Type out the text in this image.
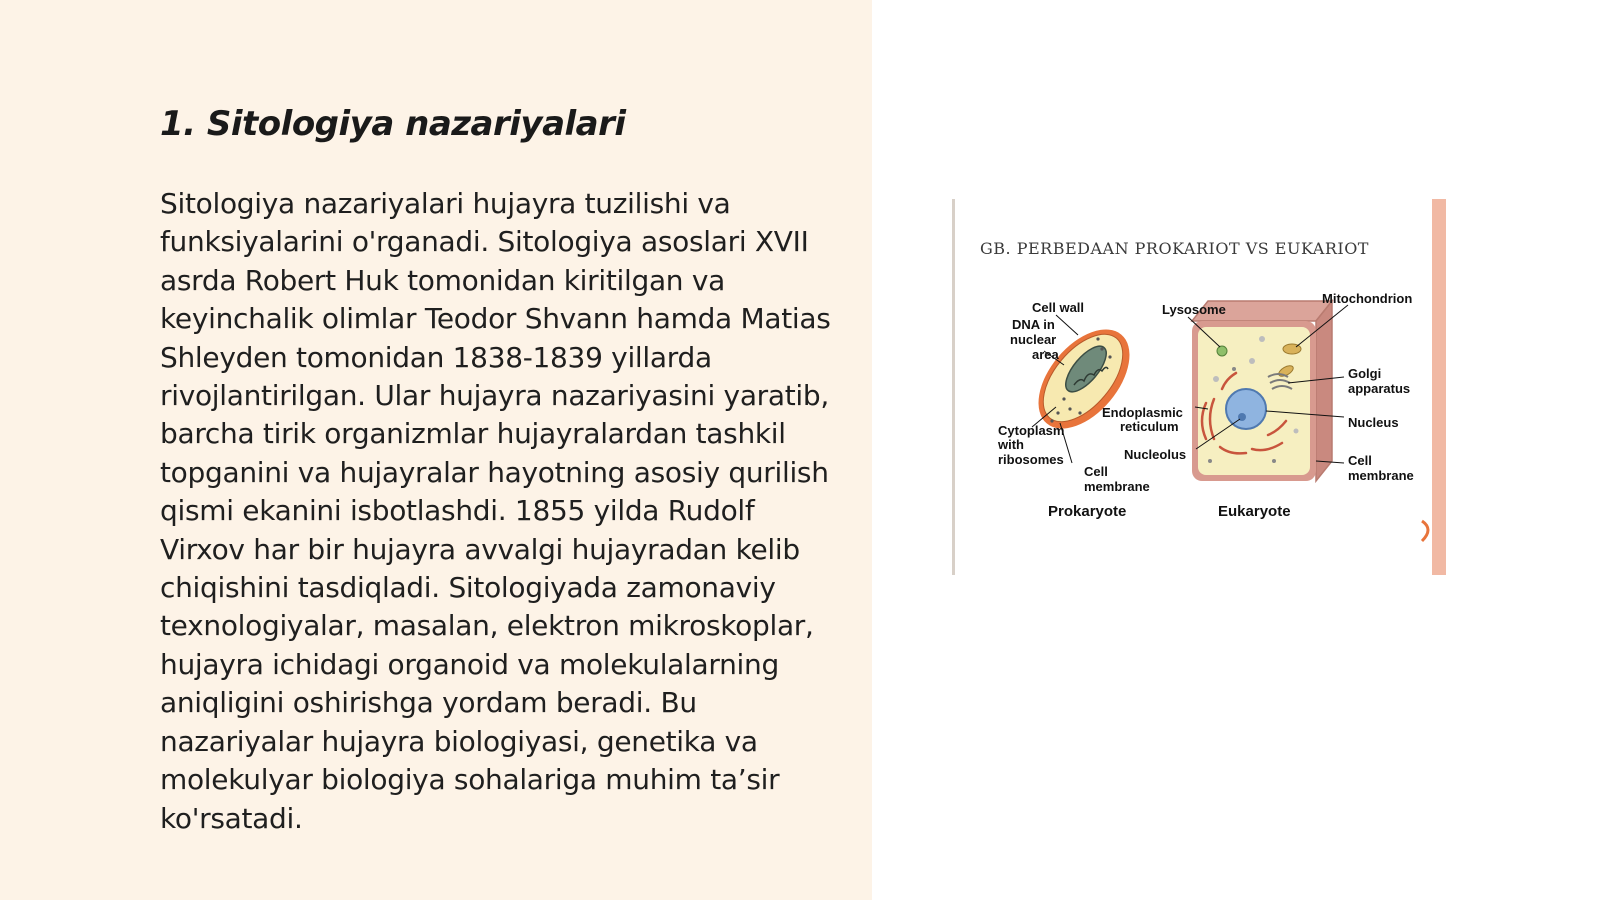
1. Sitologiya nazariyalari

Sitologiya nazariyalari hujayra tuzilishi va funksiyalarini o'rganadi. Sitologiya asoslari XVII asrda Robert Huk tomonidan kiritilgan va keyinchalik olimlar Teodor Shvann hamda Matias Shleyden tomonidan 1838-1839 yillarda rivojlantirilgan. Ular hujayra nazariyasini yaratib, barcha tirik organizmlar hujayralardan tashkil topganini va hujayralar hayotning asosiy qurilish qismi ekanini isbotlashdi. 1855 yilda Rudolf Virxov har bir hujayra avvalgi hujayradan kelib chiqishini tasdiqladi. Sitologiyada zamonaviy texnologiyalar, masalan, elektron mikroskoplar, hujayra ichidagi organoid va molekulalarning aniqligini oshirishga yordam beradi. Bu nazariyalar hujayra biologiyasi, genetika va molekulyar biologiya sohalariga muhim ta’sir ko'rsatadi.

GB. PERBEDAAN PROKARIOT VS EUKARIOT
Cell wall
DNA in
nuclear
area
Cytoplasm
with
ribosomes
Cell
membrane
Prokaryote
Lysosome
Mitochondrion
Golgi
apparatus
Endoplasmic
reticulum	Nucleus
Nucleolus	Cell
membrane
Eukaryote
